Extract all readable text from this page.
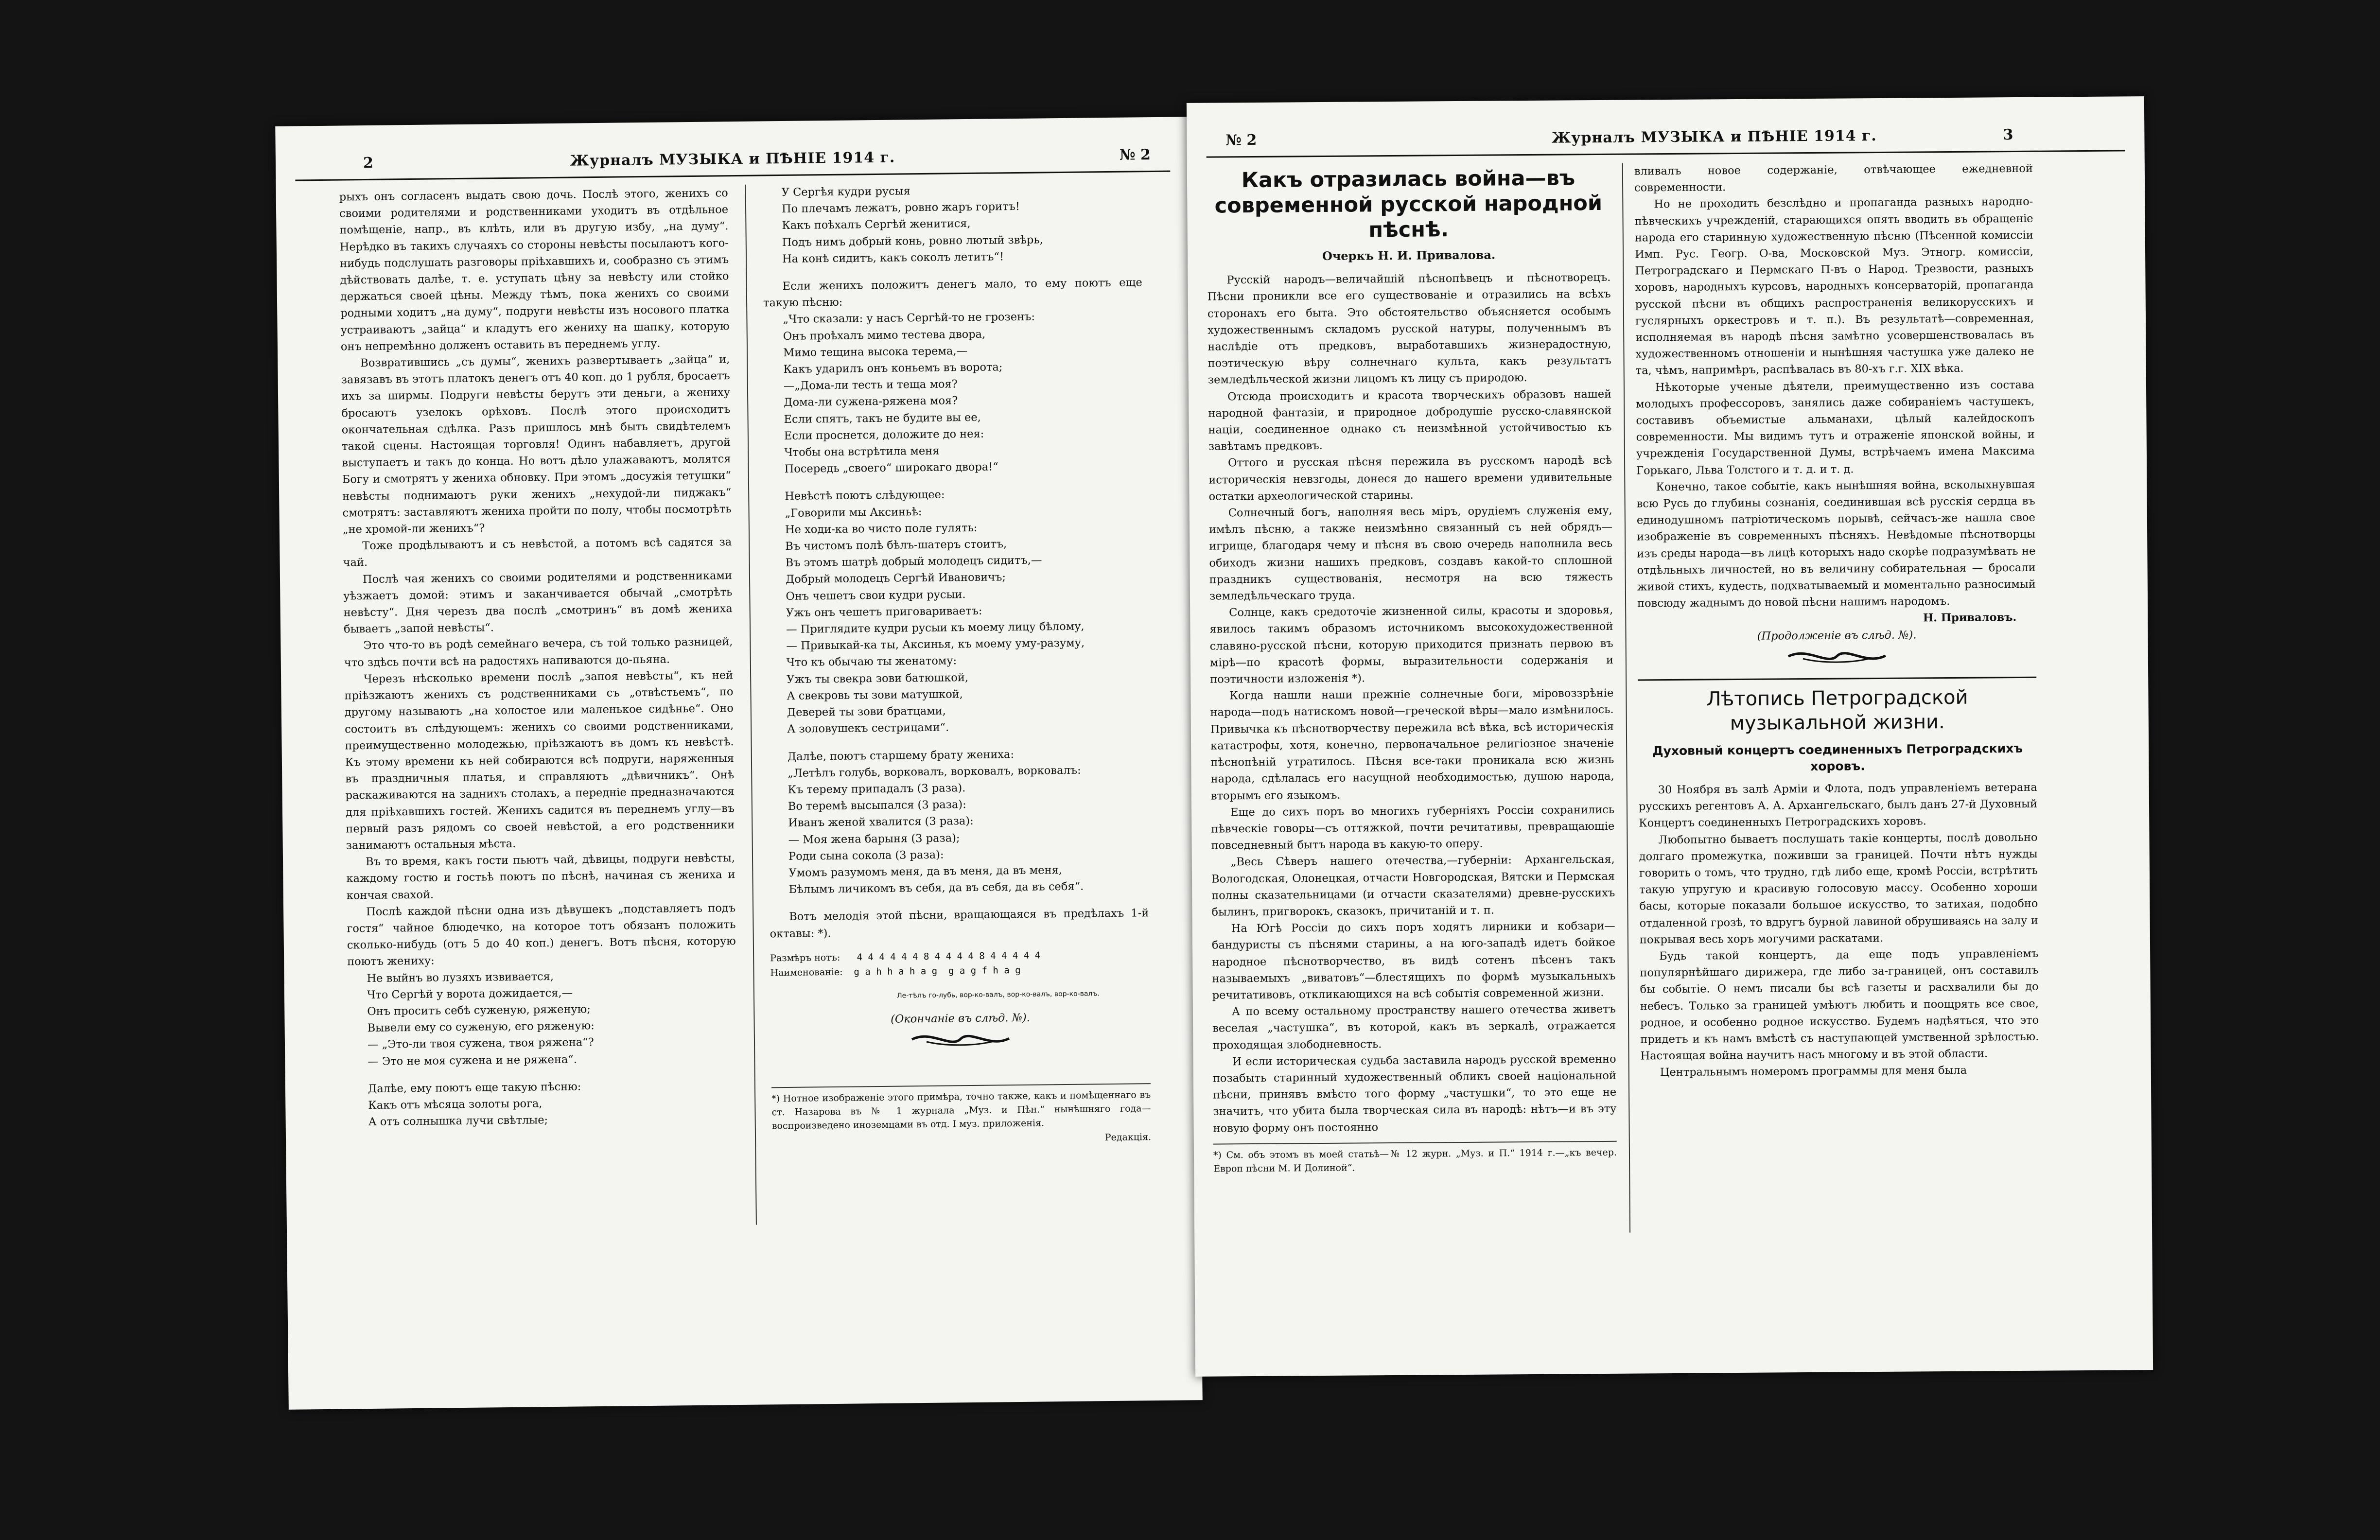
2	Журналъ МУЗЫКА и ПѢНІЕ 1914 г.	№ 2

рыхъ онъ согласенъ выдать свою дочь. Послѣ этого, женихъ со своими родителями и родственниками уходитъ въ отдѣльное помѣщеніе, напр., въ клѣть, или въ другую избу, „на думу“. Нерѣдко въ такихъ случаяхъ со стороны невѣсты посылаютъ кого-нибудь подслушать разговоры пріѣхавшихъ и, сообразно съ этимъ дѣйствовать далѣе, т. е. уступать цѣну за невѣсту или стойко держаться своей цѣны. Между тѣмъ, пока женихъ со своими родными ходитъ „на думу“, подруги невѣсты изъ носового платка устраиваютъ „зайца“ и кладутъ его жениху на шапку, которую онъ непремѣнно долженъ оставить въ переднемъ углу.

Возвратившись „съ думы“, женихъ развертываетъ „зайца“ и, завязавъ въ этотъ платокъ денегъ отъ 40 коп. до 1 рубля, бросаетъ ихъ за ширмы. Подруги невѣсты берутъ эти деньги, а жениху бросаютъ узелокъ орѣховъ. Послѣ этого происходитъ окончательная сдѣлка. Разъ пришлось мнѣ быть свидѣтелемъ такой сцены. Настоящая торговля! Одинъ набавляетъ, другой выступаетъ и такъ до конца. Но вотъ дѣло улажаваютъ, молятся Богу и смотрятъ у жениха обновку. При этомъ „досужія тетушки“ невѣсты поднимаютъ руки женихъ „нехудой-ли пиджакъ“ смотрятъ: заставляютъ жениха пройти по полу, чтобы посмотрѣть „не хромой-ли женихъ“?

Тоже продѣлываютъ и съ невѣстой, а потомъ всѣ садятся за чай.

Послѣ чая женихъ со своими родителями и родственниками уѣзжаетъ домой: этимъ и заканчивается обычай „смотрѣть невѣсту“. Дня черезъ два послѣ „смотринъ“ въ домѣ жениха бываетъ „запой невѣсты“.

Это что-то въ родѣ семейнаго вечера, съ той только разницей, что здѣсь почти всѣ на радостяхъ напиваются до-пьяна.

Черезъ нѣсколько времени послѣ „запоя невѣсты“, къ ней пріѣзжаютъ женихъ съ родственниками съ „отвѣстьемъ“, по другому называютъ „на холостое или маленькое сидѣнье“. Оно состоитъ въ слѣдующемъ: женихъ со своими родственниками, преимущественно молодежью, пріѣзжаютъ въ домъ къ невѣстѣ. Къ этому времени къ ней собираются всѣ подруги, наряженныя въ праздничныя платья, и справляютъ „дѣвичникъ“. Онѣ раскаживаются на заднихъ столахъ, а передніе предназначаются для пріѣхавшихъ гостей. Женихъ садится въ переднемъ углу—въ первый разъ рядомъ со своей невѣстой, а его родственники занимаютъ остальныя мѣста.

Въ то время, какъ гости пьютъ чай, дѣвицы, подруги невѣсты, каждому гостю и гостьѣ поютъ по пѣснѣ, начиная съ жениха и кончая свахой.

Послѣ каждой пѣсни одна изъ дѣвушекъ „подставляетъ подъ гостя“ чайное блюдечко, на которое тотъ обязанъ положить сколько-нибудь (отъ 5 до 40 коп.) денегъ. Вотъ пѣсня, которую поютъ жениху:

Не выйнъ во лузяхъ извивается,
Что Сергѣй у ворота дожидается,—
Онъ проситъ себѣ суженую, ряженую;
Вывели ему со суженую, его ряженую:
— „Это-ли твоя сужена, твоя ряжена“?
— Это не моя сужена и не ряжена“.

Далѣе, ему поютъ еще такую пѣсню:

Какъ отъ мѣсяца золоты рога,
А отъ солнышка лучи свѣтлые;
У Сергѣя кудри русыя
По плечамъ лежатъ, ровно жаръ горитъ!
Какъ поѣхалъ Сергѣй женитися,
Подъ нимъ добрый конь, ровно лютый звѣрь,
На конѣ сидитъ, какъ соколъ летитъ“!

Если женихъ положитъ денегъ мало, то ему поютъ еще такую пѣсню:

„Что сказали: у насъ Сергѣй-то не грозенъ:
Онъ проѣхалъ мимо тестева двора,
Мимо тещина высока терема,—
Какъ ударилъ онъ коньемъ въ ворота;
—„Дома-ли тесть и теща моя?
Дома-ли сужена-ряжена моя?
Если спятъ, такъ не будите вы ее,
Если проснется, доложите до нея:
Чтобы она встрѣтила меня
Посередь „своего“ широкаго двора!“

Невѣстѣ поютъ слѣдующее:

„Говорили мы Аксиньѣ:
Не ходи-ка во чисто поле гулять:
Въ чистомъ полѣ бѣлъ-шатеръ стоитъ,
Въ этомъ шатрѣ добрый молодецъ сидитъ,—
Добрый молодецъ Сергѣй Ивановичъ;
Онъ чешетъ свои кудри русыи.
Ужъ онъ чешетъ приговариваетъ:
— Приглядите кудри русыи къ моему лицу бѣлому,
— Привыкай-ка ты, Аксинья, къ моему уму-разуму,
Что къ обычаю ты женатому:
Ужъ ты свекра зови батюшкой,
А свекровь ты зови матушкой,
Деверей ты зови братцами,
А золовушекъ сестрицами“.

Далѣе, поютъ старшему брату жениха:

„Летѣлъ голубь, ворковалъ, ворковалъ, ворковалъ:
Къ терему припадалъ (3 раза).
Во теремѣ высыпался (3 раза):
Иванъ женой хвалится (3 раза):
— Моя жена барыня (3 раза);
Роди сына сокола (3 раза):
Умомъ разумомъ меня, да въ меня, да въ меня,
Бѣлымъ личикомъ въ себя, да въ себя, да въ себя“.

Вотъ мелодія этой пѣсни, вращающаяся въ предѣлахъ 1-й октавы: *).

Размѣръ нотъ:   4 4 4 4 4 4 8 4 4 4 4 8 4 4 4 4 4
Наименованіе:  g a h h a h a g  g a g f h a g
Ле-тѣлъ го-лубь, вор-ко-валъ, вор-ко-валъ, вор-ко-валъ.

(Окончаніе въ слѣд. №).

*) Нотное изображеніе этого примѣра, точно также, какъ и помѣщеннаго въ ст. Назарова въ № 1 журнала „Муз. и Пѣн.“ нынѣшняго года—воспроизведено иноземцами въ отд. I муз. приложенія.

Редакція.

№ 2	Журналъ МУЗЫКА и ПѢНІЕ 1914 г.	3
Какъ отразилась война—въ современной русской народной пѣснѣ.
Очеркъ Н. И. Привалова.

Русскій народъ—величайшій пѣснопѣвецъ и пѣснотворецъ. Пѣсни проникли все его существованіе и отразились на всѣхъ сторонахъ его быта. Это обстоятельство объясняется особымъ художественнымъ складомъ русской натуры, полученнымъ въ наслѣдіе отъ предковъ, выработавшихъ жизнерадостную, поэтическую вѣру солнечнаго культа, какъ результатъ земледѣльческой жизни лицомъ къ лицу съ природою.

Отсюда происходитъ и красота творческихъ образовъ нашей народной фантазіи, и природное добродушіе русско-славянской націи, соединенное однако съ неизмѣнной устойчивостью къ завѣтамъ предковъ.

Оттого и русская пѣсня пережила въ русскомъ народѣ всѣ историческія невзгоды, донеся до нашего времени удивительные остатки археологической старины.

Солнечный богъ, наполняя весь міръ, орудіемъ служенія ему, имѣлъ пѣсню, а также неизмѣнно связанный съ ней обрядъ—игрище, благодаря чему и пѣсня въ свою очередь наполнила весь обиходъ жизни нашихъ предковъ, создавъ какой-то сплошной праздникъ существованія, несмотря на всю тяжесть земледѣльческаго труда.

Солнце, какъ средоточіе жизненной силы, красоты и здоровья, явилось такимъ образомъ источникомъ высокохудожественной славяно-русской пѣсни, которую приходится признать первою въ мірѣ—по красотѣ формы, выразительности содержанія и поэтичности изложенія *).

Когда нашли наши прежніе солнечные боги, міровоззрѣніе народа—подъ натискомъ новой—греческой вѣры—мало измѣнилось. Привычка къ пѣснотворчеству пережила всѣ вѣка, всѣ историческія катастрофы, хотя, конечно, первоначальное религіозное значеніе пѣснопѣній утратилось. Пѣсня все-таки проникала всю жизнь народа, сдѣлалась его насущной необходимостью, душою народа, вторымъ его языкомъ.

Еще до сихъ поръ во многихъ губерніяхъ Россіи сохранились пѣвческіе говоры—съ оттяжкой, почти речитативы, превращающіе повседневный бытъ народа въ какую-то оперу.

„Весь Сѣверъ нашего отечества,—губерніи: Архангельская, Вологодская, Олонецкая, отчасти Новгородская, Вятски и Пермская полны сказательницами (и отчасти сказателями) древне-русскихъ былинъ, пригворокъ, сказокъ, причитаній и т. п.

На Югѣ Россіи до сихъ поръ ходятъ лирники и кобзари—бандуристы съ пѣснями старины, а на юго-западѣ идетъ бойкое народное пѣснотворчество, въ видѣ сотенъ пѣсенъ такъ называемыхъ „виватовъ“—блестящихъ по формѣ музыкальныхъ речитативовъ, откликающихся на всѣ событія современной жизни.

А по всему остальному пространству нашего отечества живетъ веселая „частушка“, въ которой, какъ въ зеркалѣ, отражается проходящая злободневность.

И если историческая судьба заставила народъ русской временно позабыть старинный художественный обликъ своей національной пѣсни, принявъ вмѣсто того форму „частушки“, то это еще не значитъ, что убита была творческая сила въ народѣ: нѣтъ—и въ эту новую форму онъ постоянно

*) См. объ этомъ въ моей статьѣ—№ 12 журн. „Муз. и П.“ 1914 г.—„къ вечер. Европ пѣсни М. И Долиной“.

вливалъ новое содержаніе, отвѣчающее ежедневной современности.

Но не проходить безслѣдно и пропаганда разныхъ народно-пѣвческихъ учрежденій, старающихся опять вводить въ обращеніе народа его старинную художественную пѣсню (Пѣсенной комиссіи Имп. Рус. Геогр. О-ва, Московской Муз. Этногр. комиссіи, Петроградскаго и Пермскаго П-въ о Народ. Трезвости, разныхъ хоровъ, народныхъ курсовъ, народныхъ консерваторій, пропаганда русской пѣсни въ общихъ распространенія великорусскихъ и гуслярныхъ оркестровъ и т. п.). Въ результатѣ—современная, исполняемая въ народѣ пѣсня замѣтно усовершенствовалась въ художественномъ отношеніи и нынѣшняя частушка уже далеко не та, чѣмъ, напримѣръ, распѣвалась въ 80-хъ г.г. XIX вѣка.

Нѣкоторые ученые дѣятели, преимущественно изъ состава молодыхъ профессоровъ, занялись даже собираніемъ частушекъ, составивъ объемистые альманахи, цѣлый калейдоскопъ современности. Мы видимъ тутъ и отраженіе японской войны, и учрежденія Государственной Думы, встрѣчаемъ имена Максима Горькаго, Льва Толстого и т. д. и т. д.

Конечно, такое событіе, какъ нынѣшняя война, всколыхнувшая всю Русь до глубины сознанія, соединившая всѣ русскія сердца въ единодушномъ патріотическомъ порывѣ, сейчасъ-же нашла свое изображеніе въ современныхъ пѣсняхъ. Невѣдомые пѣснотворцы изъ среды народа—въ лицѣ которыхъ надо скорѣе подразумѣвать не отдѣльныхъ личностей, но въ величину собирательная — бросали живой стихъ, кудесть, подхватываемый и моментально разносимый повсюду жаднымъ до новой пѣсни нашимъ народомъ.

Н. Приваловъ.

(Продолженіе въ слѣд. №).

Лѣтопись Петроградской музыкальной жизни.
Духовный концертъ соединенныхъ Петроградскихъ хоровъ.

30 Ноября въ залѣ Арміи и Флота, подъ управленіемъ ветерана русскихъ регентовъ А. А. Архангельскаго, былъ данъ 27-й Духовный Концертъ соединенныхъ Петроградскихъ хоровъ.

Любопытно бываетъ послушать такіе концерты, послѣ довольно долгаго промежутка, поживши за границей. Почти нѣтъ нужды говорить о томъ, что трудно, гдѣ либо еще, кромѣ Россіи, встрѣтить такую упругую и красивую голосовую массу. Особенно хороши басы, которые показали большое искусство, то затихая, подобно отдаленной грозѣ, то вдругъ бурной лавиной обрушиваясь на залу и покрывая весь хоръ могучими раскатами.

Будь такой концертъ, да еще подъ управленіемъ популярнѣйшаго дирижера, где либо за-границей, онъ составилъ бы событіе. О немъ писали бы всѣ газеты и расхвалили бы до небесъ. Только за границей умѣютъ любить и поощрять все свое, родное, и особенно родное искусство. Будемъ надѣяться, что это придетъ и къ намъ вмѣстѣ съ наступающей умственной зрѣлостью. Настоящая война научитъ насъ многому и въ этой области.

Центральнымъ номеромъ программы для меня была
